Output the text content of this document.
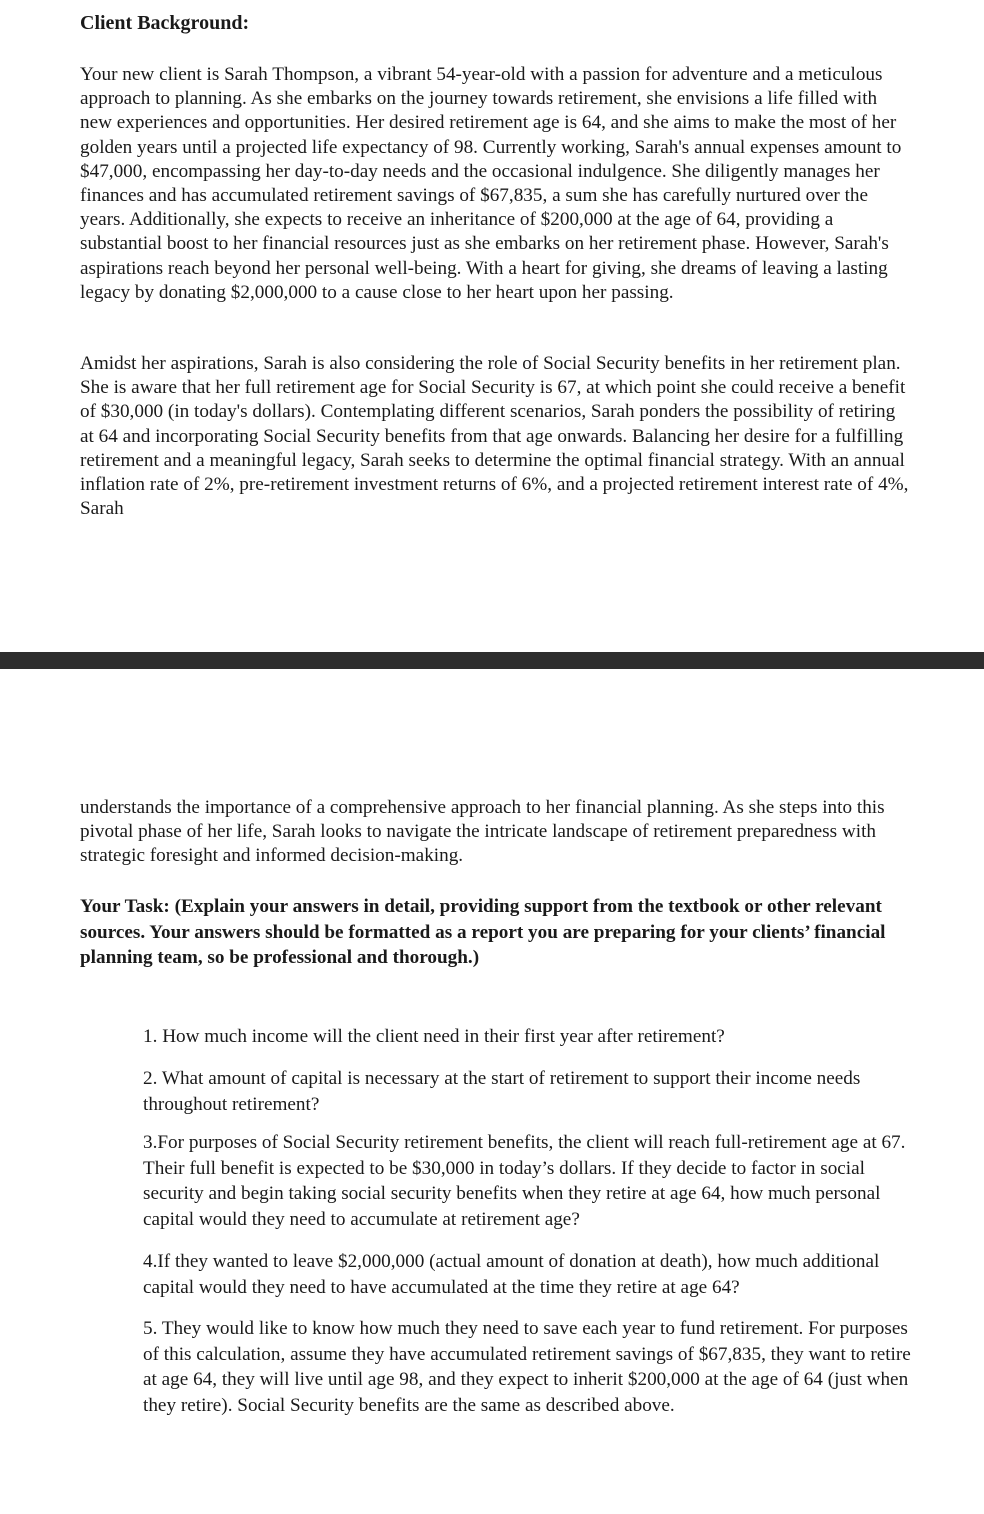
Client Background:

Your new client is Sarah Thompson, a vibrant 54-year-old with a passion for adventure and a meticulous approach to planning. As she embarks on the journey towards retirement, she envisions a life filled with new experiences and opportunities. Her desired retirement age is 64, and she aims to make the most of her golden years until a projected life expectancy of 98. Currently working, Sarah's annual expenses amount to $47,000, encompassing her day-to-day needs and the occasional indulgence. She diligently manages her finances and has accumulated retirement savings of $67,835, a sum she has carefully nurtured over the years. Additionally, she expects to receive an inheritance of $200,000 at the age of 64, providing a substantial boost to her financial resources just as she embarks on her retirement phase. However, Sarah's aspirations reach beyond her personal well-being. With a heart for giving, she dreams of leaving a lasting legacy by donating $2,000,000 to a cause close to her heart upon her passing.

Amidst her aspirations, Sarah is also considering the role of Social Security benefits in her retirement plan. She is aware that her full retirement age for Social Security is 67, at which point she could receive a benefit of $30,000 (in today's dollars). Contemplating different scenarios, Sarah ponders the possibility of retiring at 64 and incorporating Social Security benefits from that age onwards. Balancing her desire for a fulfilling retirement and a meaningful legacy, Sarah seeks to determine the optimal financial strategy. With an annual inflation rate of 2%, pre-retirement investment returns of 6%, and a projected retirement interest rate of 4%, Sarah

understands the importance of a comprehensive approach to her financial planning. As she steps into this pivotal phase of her life, Sarah looks to navigate the intricate landscape of retirement preparedness with strategic foresight and informed decision-making.

Your Task: (Explain your answers in detail, providing support from the textbook or other relevant sources. Your answers should be formatted as a report you are preparing for your clients’ financial planning team, so be professional and thorough.)

1. How much income will the client need in their first year after retirement?

2. What amount of capital is necessary at the start of retirement to support their income needs throughout retirement?

3.For purposes of Social Security retirement benefits, the client will reach full-retirement age at 67. Their full benefit is expected to be $30,000 in today’s dollars. If they decide to factor in social security and begin taking social security benefits when they retire at age 64, how much personal capital would they need to accumulate at retirement age?

4.If they wanted to leave $2,000,000 (actual amount of donation at death), how much additional capital would they need to have accumulated at the time they retire at age 64?

5. They would like to know how much they need to save each year to fund retirement. For purposes of this calculation, assume they have accumulated retirement savings of $67,835, they want to retire at age 64, they will live until age 98, and they expect to inherit $200,000 at the age of 64 (just when they retire). Social Security benefits are the same as described above.
